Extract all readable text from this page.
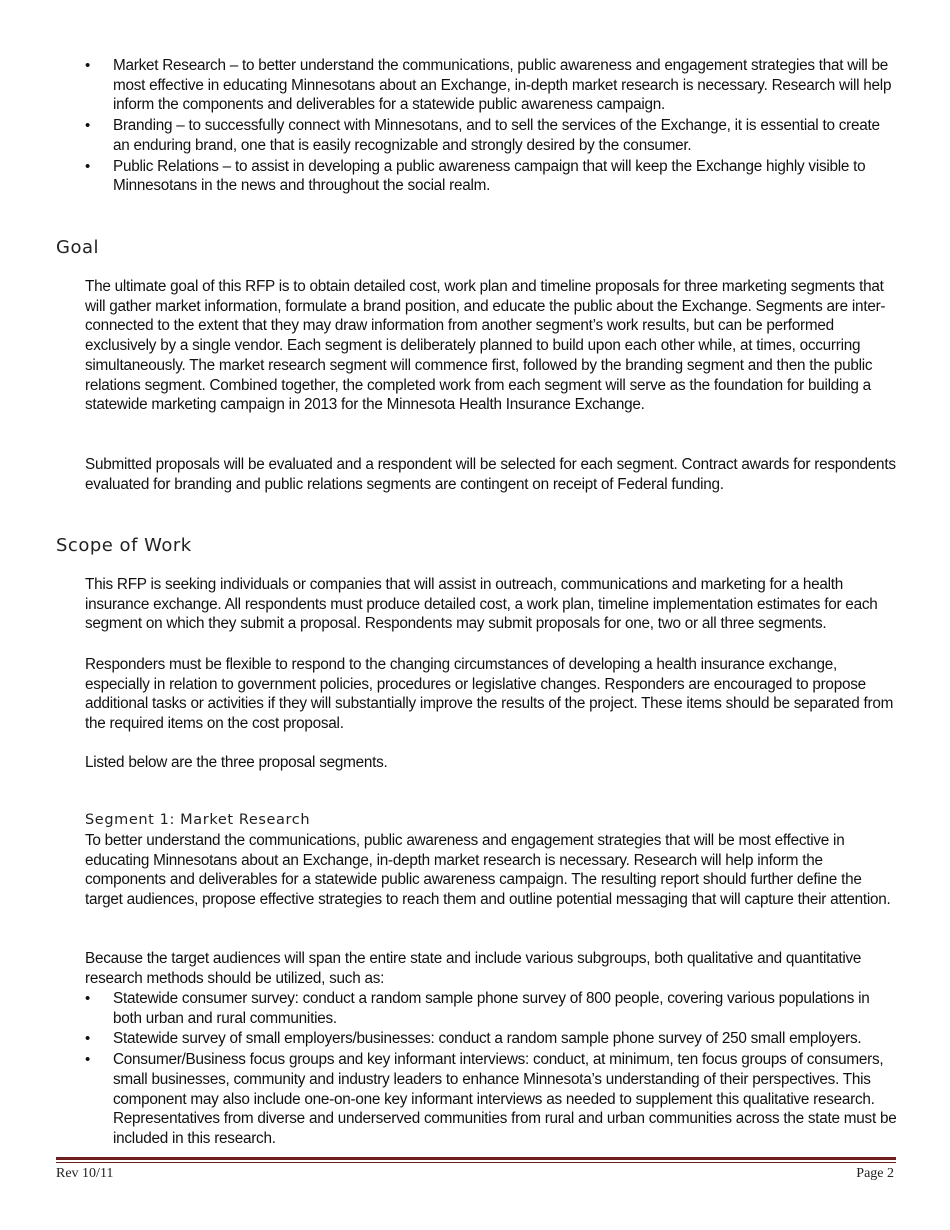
• Market Research – to better understand the communications, public awareness and engagement strategies that will be most effective in educating Minnesotans about an Exchange, in-depth market research is necessary. Research will help inform the components and deliverables for a statewide public awareness campaign.
• Branding – to successfully connect with Minnesotans, and to sell the services of the Exchange, it is essential to create an enduring brand, one that is easily recognizable and strongly desired by the consumer.
• Public Relations – to assist in developing a public awareness campaign that will keep the Exchange highly visible to Minnesotans in the news and throughout the social realm.
Goal

The ultimate goal of this RFP is to obtain detailed cost, work plan and timeline proposals for three marketing segments that will gather market information, formulate a brand position, and educate the public about the Exchange. Segments are inter-connected to the extent that they may draw information from another segment’s work results, but can be performed exclusively by a single vendor. Each segment is deliberately planned to build upon each other while, at times, occurring simultaneously. The market research segment will commence first, followed by the branding segment and then the public relations segment. Combined together, the completed work from each segment will serve as the foundation for building a statewide marketing campaign in 2013 for the Minnesota Health Insurance Exchange.

Submitted proposals will be evaluated and a respondent will be selected for each segment. Contract awards for respondents evaluated for branding and public relations segments are contingent on receipt of Federal funding.

Scope of Work

This RFP is seeking individuals or companies that will assist in outreach, communications and marketing for a health insurance exchange. All respondents must produce detailed cost, a work plan, timeline implementation estimates for each segment on which they submit a proposal. Respondents may submit proposals for one, two or all three segments.

Responders must be flexible to respond to the changing circumstances of developing a health insurance exchange, especially in relation to government policies, procedures or legislative changes. Responders are encouraged to propose additional tasks or activities if they will substantially improve the results of the project. These items should be separated from the required items on the cost proposal.

Listed below are the three proposal segments.

Segment 1: Market Research

To better understand the communications, public awareness and engagement strategies that will be most effective in educating Minnesotans about an Exchange, in-depth market research is necessary. Research will help inform the components and deliverables for a statewide public awareness campaign. The resulting report should further define the target audiences, propose effective strategies to reach them and outline potential messaging that will capture their attention.

Because the target audiences will span the entire state and include various subgroups, both qualitative and quantitative research methods should be utilized, such as:

• Statewide consumer survey: conduct a random sample phone survey of 800 people, covering various populations in both urban and rural communities.
• Statewide survey of small employers/businesses: conduct a random sample phone survey of 250 small employers.
• Consumer/Business focus groups and key informant interviews: conduct, at minimum, ten focus groups of consumers, small businesses, community and industry leaders to enhance Minnesota’s understanding of their perspectives. This component may also include one-on-one key informant interviews as needed to supplement this qualitative research. Representatives from diverse and underserved communities from rural and urban communities across the state must be included in this research.
Rev 10/11	Page 2
